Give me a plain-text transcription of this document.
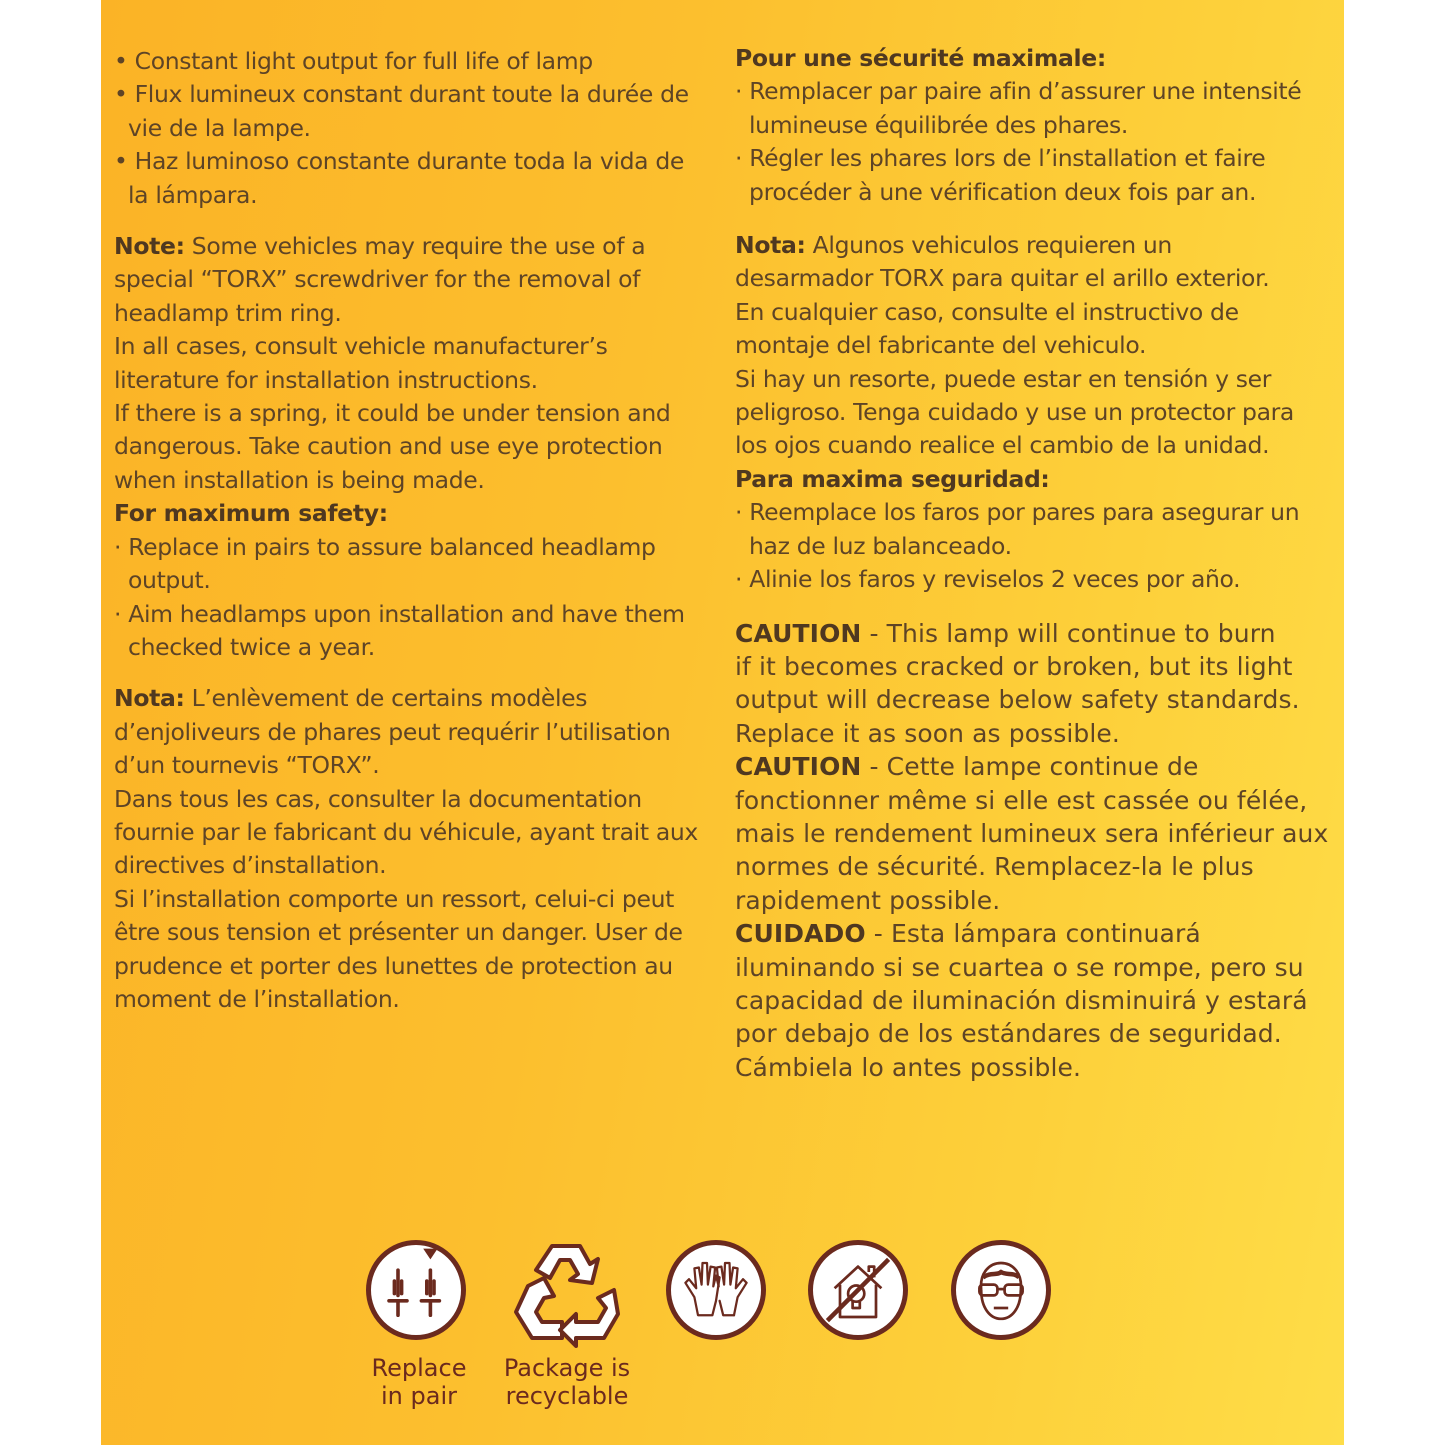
• Constant light output for full life of lamp
• Flux lumineux constant durant toute la durée de vie de la lampe.
• Haz luminoso constante durante toda la vida de la lámpara.
Note: Some vehicles may require the use of a
special “TORX” screwdriver for the removal of
headlamp trim ring.
In all cases, consult vehicle manufacturer’s
literature for installation instructions.
If there is a spring, it could be under tension and
dangerous. Take caution and use eye protection
when installation is being made.
For maximum safety:
· Replace in pairs to assure balanced headlamp output.
· Aim headlamps upon installation and have them checked twice a year.
Nota: L’enlèvement de certains modèles
d’enjoliveurs de phares peut requérir l’utilisation
d’un tournevis “TORX”.
Dans tous les cas, consulter la documentation
fournie par le fabricant du véhicule, ayant trait aux
directives d’installation.
Si l’installation comporte un ressort, celui-ci peut
être sous tension et présenter un danger. User de
prudence et porter des lunettes de protection au
moment de l’installation.
Pour une sécurité maximale:
· Remplacer par paire afin d’assurer une intensité lumineuse équilibrée des phares.
· Régler les phares lors de l’installation et faire procéder à une vérification deux fois par an.
Nota: Algunos vehiculos requieren un
desarmador TORX para quitar el arillo exterior.
En cualquier caso, consulte el instructivo de
montaje del fabricante del vehiculo.
Si hay un resorte, puede estar en tensión y ser
peligroso. Tenga cuidado y use un protector para
los ojos cuando realice el cambio de la unidad.
Para maxima seguridad:
· Reemplace los faros por pares para asegurar un haz de luz balanceado.
· Alinie los faros y reviselos 2 veces por año.
CAUTION - This lamp will continue to burn
if it becomes cracked or broken, but its light
output will decrease below safety standards.
Replace it as soon as possible.
CAUTION - Cette lampe continue de
fonctionner même si elle est cassée ou félée,
mais le rendement lumineux sera inférieur aux
normes de sécurité. Remplacez-la le plus
rapidement possible.
CUIDADO - Esta lámpara continuará
iluminando si se cuartea o se rompe, pero su
capacidad de iluminación disminuirá y estará
por debajo de los estándares de seguridad.
Cámbiela lo antes possible.
Replace
in pair
Package is
recyclable
